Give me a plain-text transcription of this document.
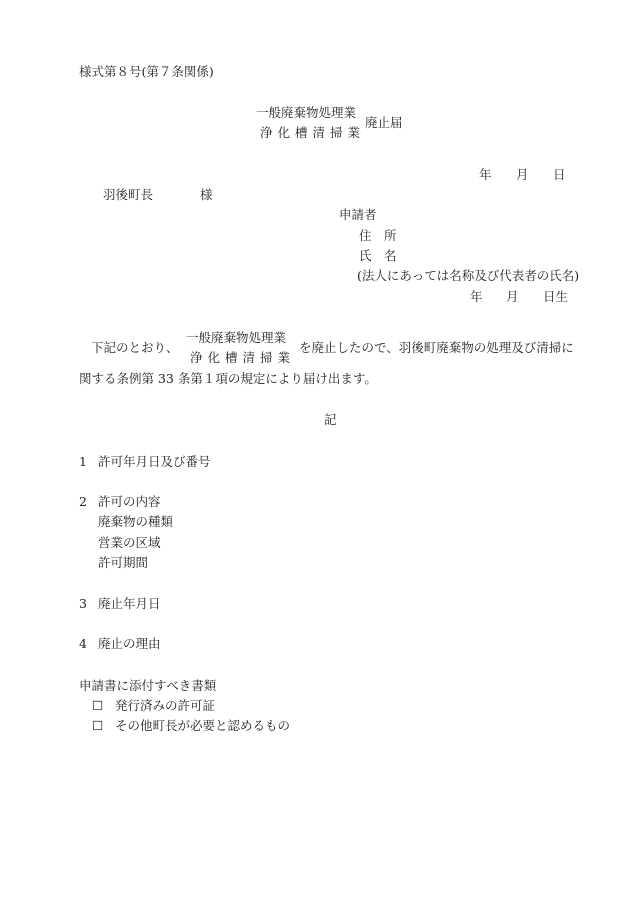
様式第８号(第７条関係)
一般廃棄物処理業
浄化槽清掃業
廃止届
年 月 日
羽後町長	様
申請者
住　所
氏　名
(法人にあっては名称及び代表者の氏名)
年 月 日生
下記のとおり、
一般廃棄物処理業
浄化槽清掃業
を廃止したので、羽後町廃棄物の処理及び清掃に
関する条例第 33 条第１項の規定により届け出ます。
記
1 許可年月日及び番号
2 許可の内容
廃棄物の種類
営業の区域
許可期間
3 廃止年月日
4 廃止の理由
申請書に添付すべき書類
☐ 発行済みの許可証
☐ その他町長が必要と認めるもの
